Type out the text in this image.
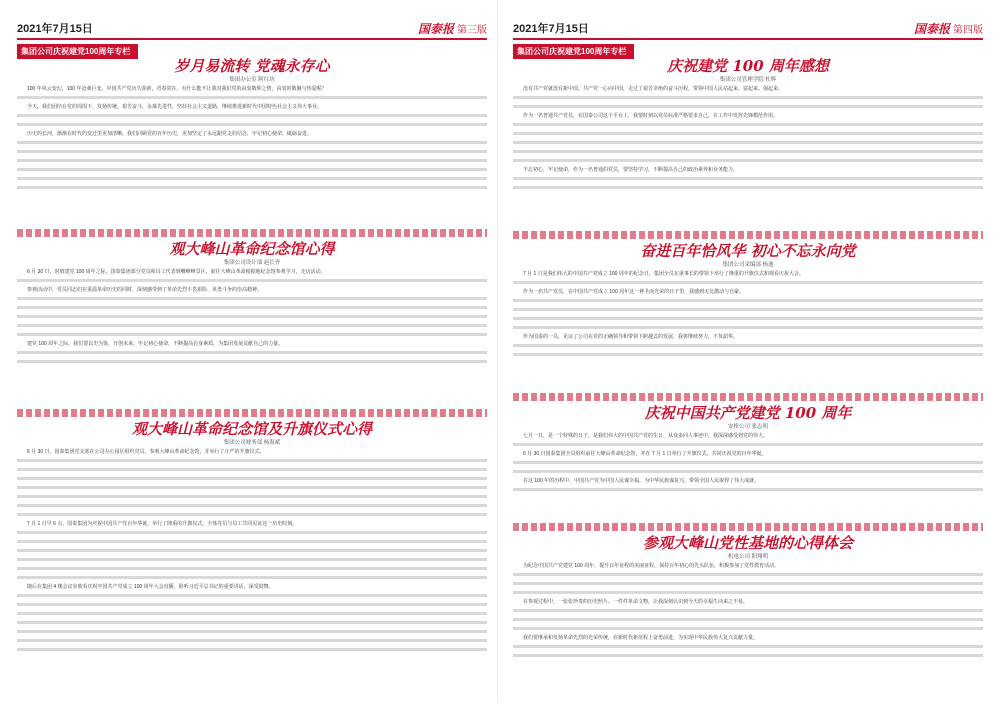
2021年7月15日	国泰报 第三版
集团公司庆祝建党100周年专栏
岁月易流转 党魂永存心
集团办公室 阿红坊

100 年风云变幻，100 年沧桑巨变。中国共产党历久弥新，青春常在，有什么能不让我对我们党的由衷敬仰之情，由衷的敬佩与热爱呢？

今天，我们团结在党的周围下，发扬传统，艰苦奋斗，永葆先进性，坚持社会主义道路，继续推进新时代中国特色社会主义伟大事业。

历史的长河，渐渐在时代的变迁里更加清晰。我们回顾党的百年历史，更加坚定了永远跟党走的信念，牢记初心使命，砥砺奋进。

观大峰山革命纪念馆心得
集团公司设计部 赵长齐

6 月 30 日，时值建党 100 周年之际，国泰集团部分党员和员工代表到嘴峰峰景区、前往大峰山革命根据地纪念馆参观学习，走访活动。

参观活动中，党员同志们在重温革命历史的同时，深刻感受到了革命先烈不畏艰险、英勇斗争的崇高精神。

建党 100 周年之际，我们要以史为鉴，开创未来，牢记初心使命，不断提高自身素质，为集团发展贡献自己的力量。

观大峰山革命纪念馆及升旗仪式心得
集团公司财务部 杨海斌

6 月 30 日，国泰集团党支部在公司办公园区组织党员，参观大峰山革命纪念馆，并举行了庄严的升旗仪式。

7 月 1 日早 6 点，国泰集团为庆祝中国共产党百年华诞，举行了隆重的升旗仪式，全体党员与员工共同见证这一历史时刻。

随后在集团 4 楼会议室收看庆祝中国共产党成立 100 周年大会直播，聆听习近平总书记的重要讲话，深受鼓舞。

2021年7月15日	国泰报 第四版
集团公司庆祝建党100周年专栏
庆祝建党 100 周年感想
集团公司管理学院 杜辉

没有共产党就没有新中国。共产党一心向中国，走过了艰苦卓绝的奋斗历程，带领中国人民站起来、富起来、强起来。

作为一名普通共产党员，在国泰公司这个平台上，我要时刻以党员标准严格要求自己，在工作中发挥先锋模范作用。

不忘初心，牢记使命。作为一名普通的党员，要坚持学习，不断提高自己的政治素养和业务能力。

奋进百年恰风华 初心不忘永向党
集团公司采编部 杨迪

7 月 1 日是我们伟大的中国共产党成立 100 周年的纪念日，集团全员在重事长的带领下举行了隆重的升旗仪式和观看庆祝大会。

作为一名共产党员，在中国共产党成立 100 周年这一神圣而光荣的日子里，我感到无比激动与自豪。

作为国泰的一员，见证了公司在党的正确领导和带领下跨越式的发展，我将继续努力，不负韶华。

庆祝中国共产党建党 100 周年
安桥公司 张志明

七月一日，是一个特殊的日子，是我们伟大的中国共产党的生日。从众多同人事迹中，我深深感受到党的伟大。

6 月 30 日国泰集团全员组织前往大峰山革命纪念馆，并在 7 月 1 日举行了升旗仪式，共同庆祝党的百年华诞。

在这 100 年的历程中，中国共产党为中国人民谋幸福，为中华民族谋复兴，带领全国人民取得了伟大成就。

参观大峰山党性基地的心得体会
机电公司 阳翔明

为纪念中国共产党建党 100 周年，提升百年征程的美丽征程，保持百年初心的先头队伍，积极参加了党性教育活动。

在参观过程中，一张张珍贵的历史照片、一件件革命文物，让我深刻认识到今天的幸福生活来之不易。

我们要继承和发扬革命先烈的光荣传统，在新时代新征程上奋勇前进，为实现中华民族伟大复兴贡献力量。
